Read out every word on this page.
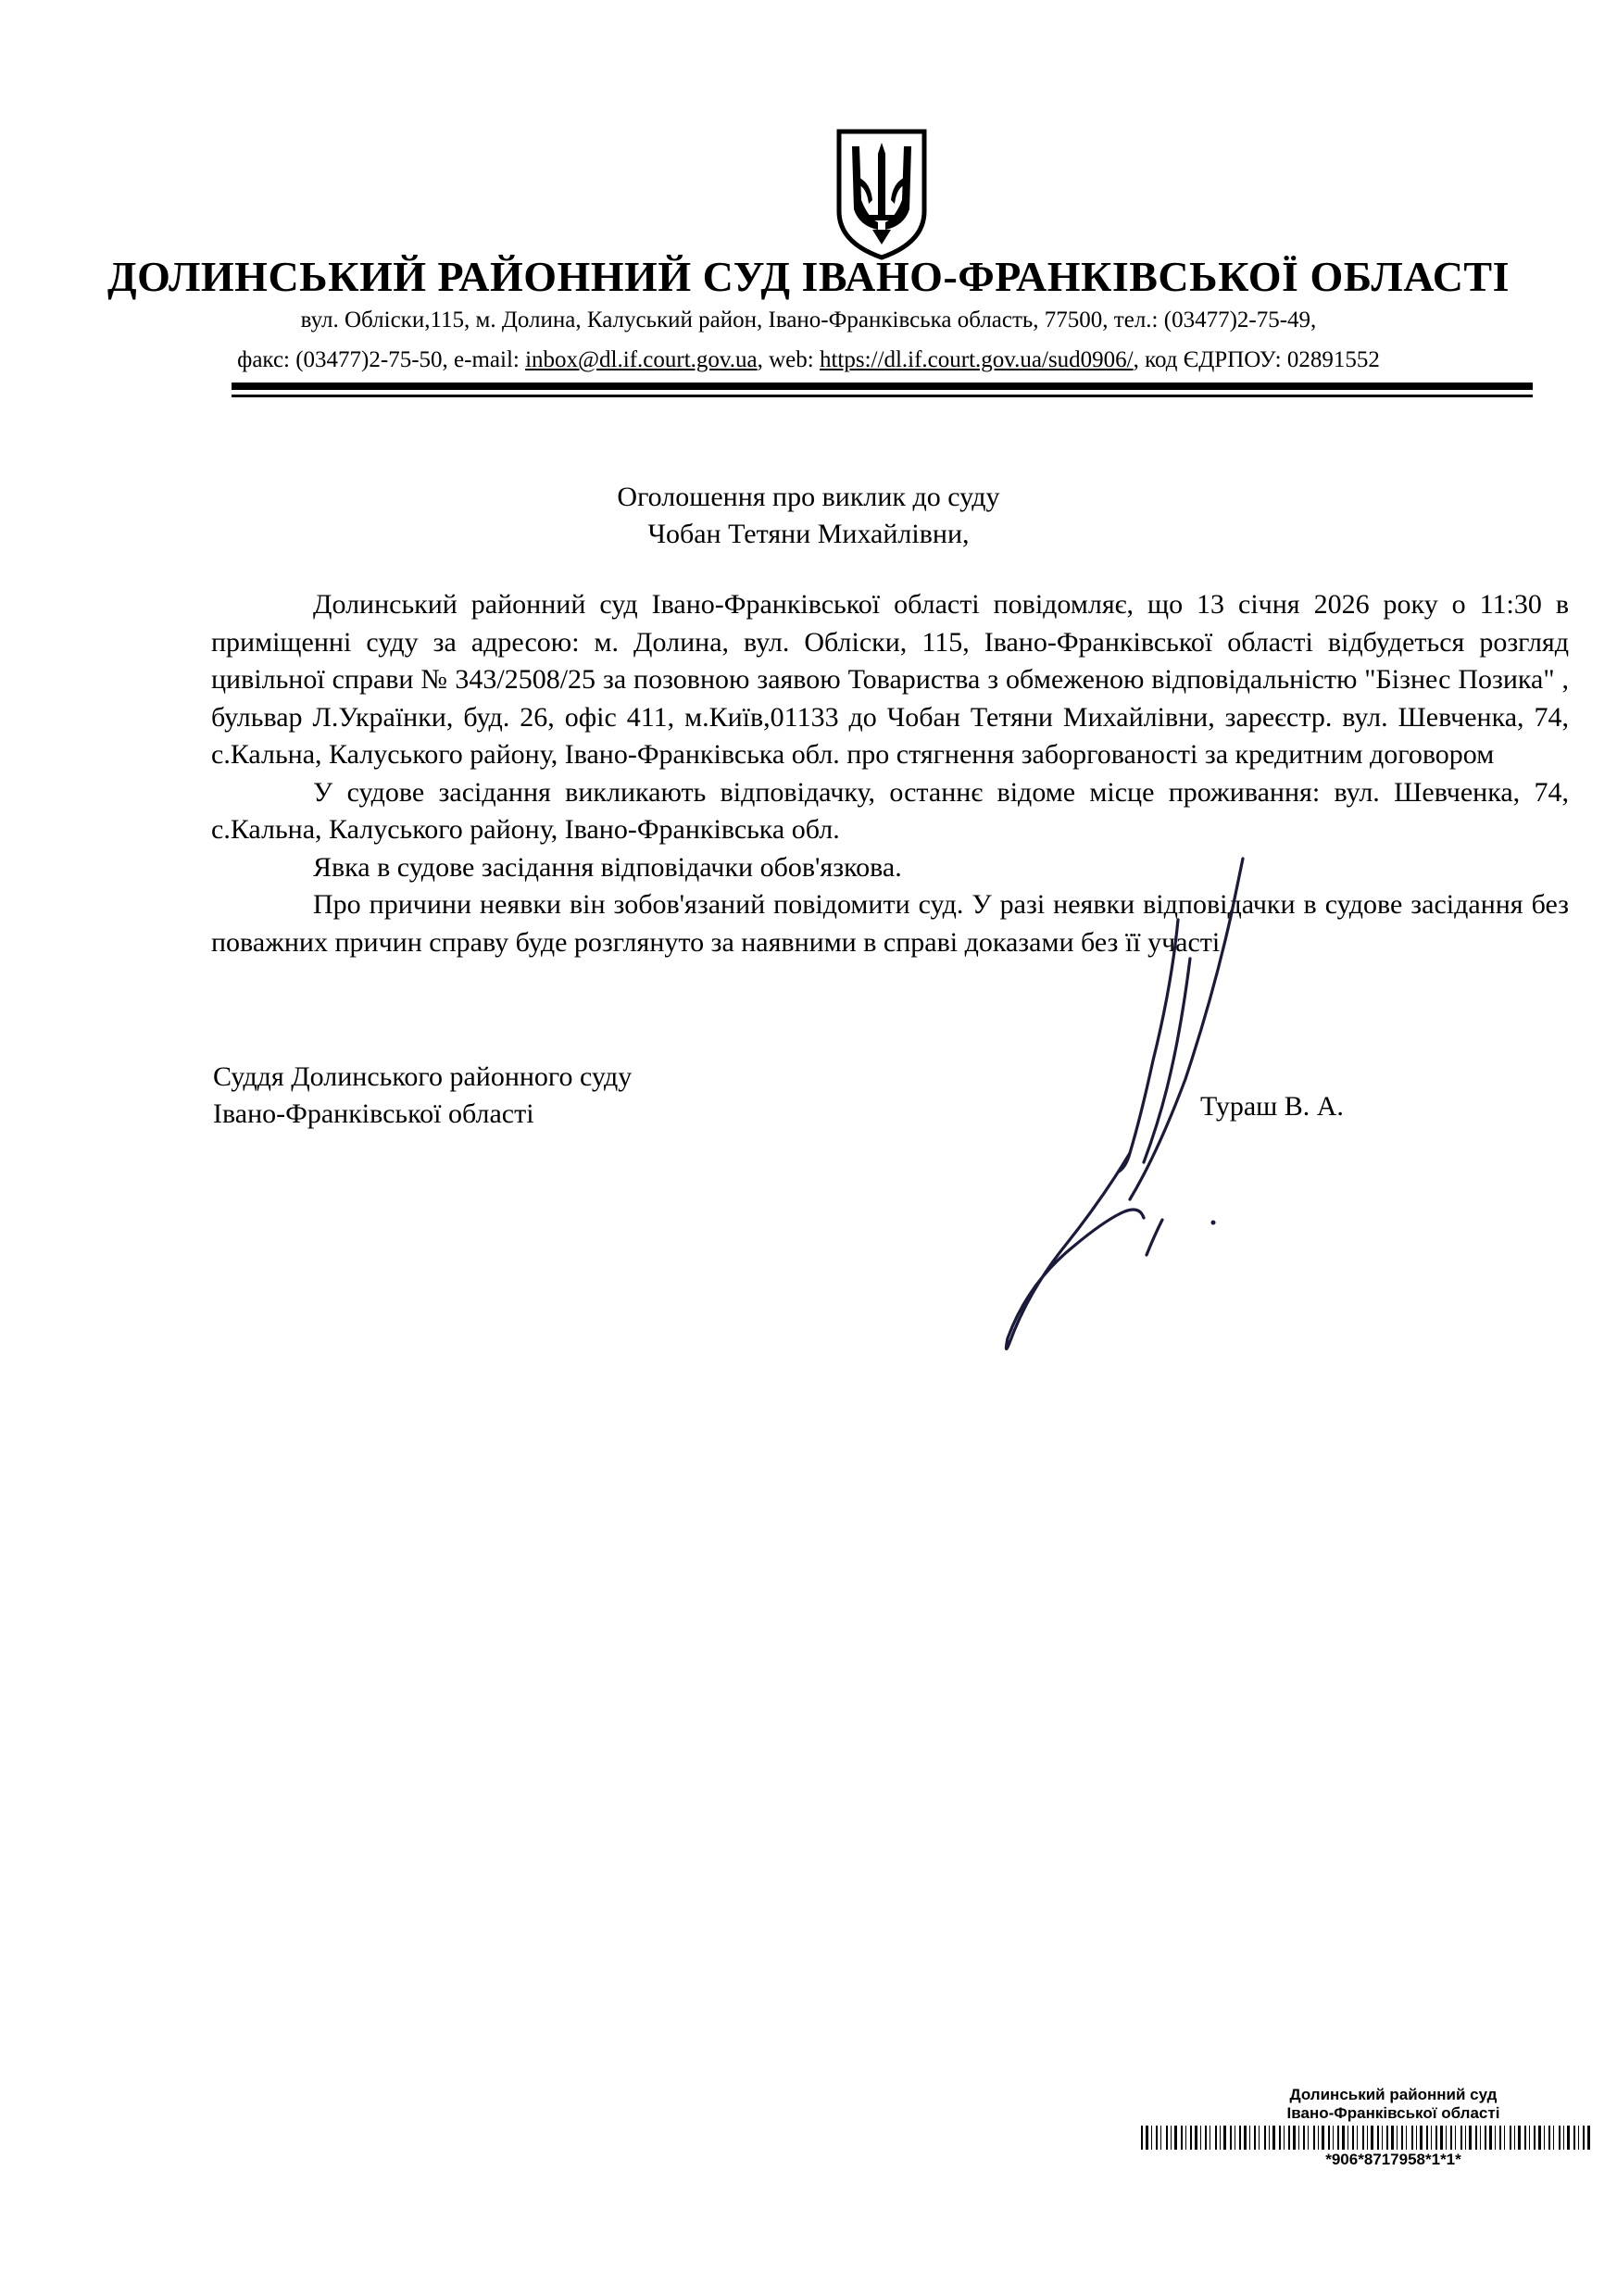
ДОЛИНСЬКИЙ РАЙОННИЙ СУД ІВАНО-ФРАНКІВСЬКОЇ ОБЛАСТІ
вул. Обліски,115, м. Долина, Калуський район, Івано-Франківська область, 77500, тел.: (03477)2-75-49,
факс: (03477)2-75-50, e-mail: inbox@dl.if.court.gov.ua, web: https://dl.if.court.gov.ua/sud0906/, код ЄДРПОУ: 02891552
Оголошення про виклик до суду
Чобан Тетяни Михайлівни,

Долинський районний суд Івано-Франківської області повідомляє, що 13 січня 2026 року о 11:30 в приміщенні суду за адресою: м. Долина, вул. Обліски, 115, Івано-Франківської області відбудеться розгляд цивільної справи № 343/2508/25 за позовною заявою Товариства з обмеженою відповідальністю "Бізнес Позика" , бульвар Л.Українки, буд. 26, офіс 411, м.Київ,01133 до Чобан Тетяни Михайлівни, зареєстр. вул. Шевченка, 74, с.Кальна, Калуського району, Івано-Франківська обл. про стягнення заборгованості за кредитним договором

У судове засідання викликають відповідачку, останнє відоме місце проживання: вул. Шевченка, 74, с.Кальна, Калуського району, Івано-Франківська обл.

Явка в судове засідання відповідачки обов'язкова.

Про причини неявки він зобов'язаний повідомити суд. У разі неявки відповідачки в судове засідання без поважних причин справу буде розглянуто за наявними в справі доказами без її участі

Суддя Долинського районного суду
Івано-Франківської області	Тураш В. А.
Долинський районний суд
Івано-Франківської області
*906*8717958*1*1*
